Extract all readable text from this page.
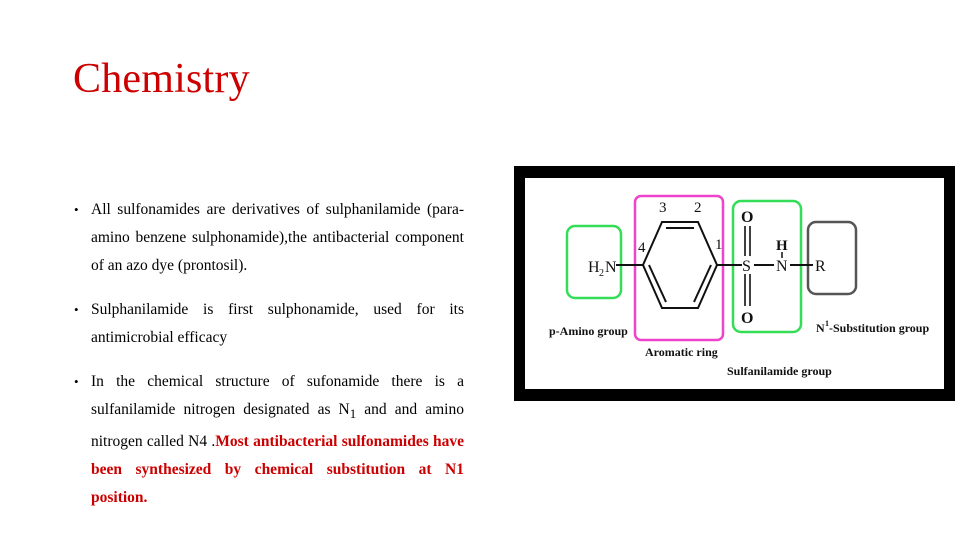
Chemistry
• All sulfonamides are derivatives of sulphanilamide (para-amino benzene sulphonamide),the antibacterial component of an azo dye (prontosil).
• Sulphanilamide is first sulphonamide, used for its antimicrobial efficacy
• In the chemical structure of sufonamide there is a sulfanilamide nitrogen designated as $N_1$ and and amino nitrogen called N4 .Most antibacterial sulfonamides have been synthesized by chemical substitution at N1 position.
3 2
4	1
H 2 N
O
S
O
H
N R
p-Amino group
Aromatic ring
N 1 -Substitution group
Sulfanilamide group
